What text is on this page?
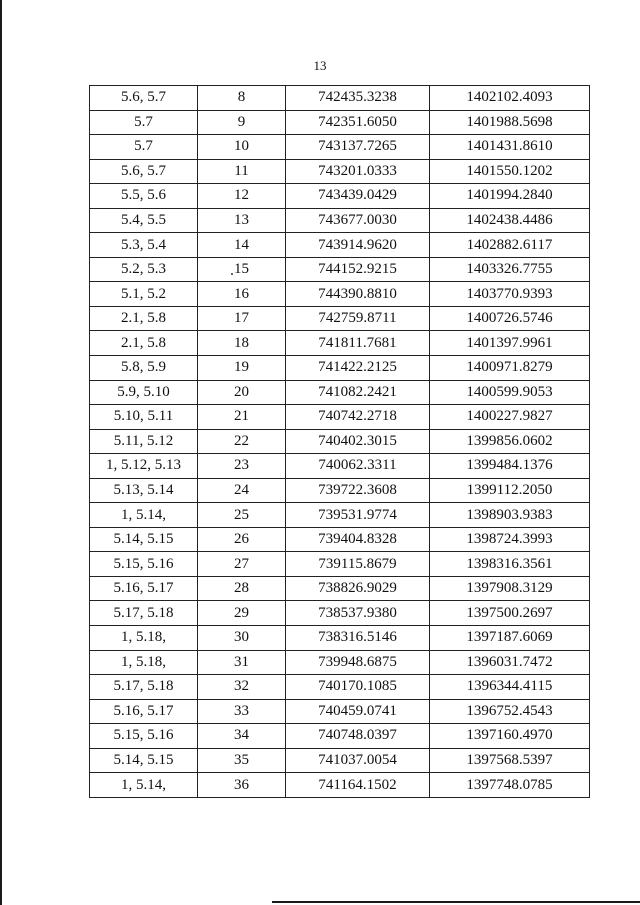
13
5.6, 5.7	8	742435.3238	1402102.4093
5.7	9	742351.6050	1401988.5698
5.7	10	743137.7265	1401431.8610
5.6, 5.7	11	743201.0333	1401550.1202
5.5, 5.6	12	743439.0429	1401994.2840
5.4, 5.5	13	743677.0030	1402438.4486
5.3, 5.4	14	743914.9620	1402882.6117
5.2, 5.3	15	744152.9215	1403326.7755
5.1, 5.2	16	744390.8810	1403770.9393
2.1, 5.8	17	742759.8711	1400726.5746
2.1, 5.8	18	741811.7681	1401397.9961
5.8, 5.9	19	741422.2125	1400971.8279
5.9, 5.10	20	741082.2421	1400599.9053
5.10, 5.11	21	740742.2718	1400227.9827
5.11, 5.12	22	740402.3015	1399856.0602
1, 5.12, 5.13	23	740062.3311	1399484.1376
5.13, 5.14	24	739722.3608	1399112.2050
1, 5.14,	25	739531.9774	1398903.9383
5.14, 5.15	26	739404.8328	1398724.3993
5.15, 5.16	27	739115.8679	1398316.3561
5.16, 5.17	28	738826.9029	1397908.3129
5.17, 5.18	29	738537.9380	1397500.2697
1, 5.18,	30	738316.5146	1397187.6069
1, 5.18,	31	739948.6875	1396031.7472
5.17, 5.18	32	740170.1085	1396344.4115
5.16, 5.17	33	740459.0741	1396752.4543
5.15, 5.16	34	740748.0397	1397160.4970
5.14, 5.15	35	741037.0054	1397568.5397
1, 5.14,	36	741164.1502	1397748.0785
